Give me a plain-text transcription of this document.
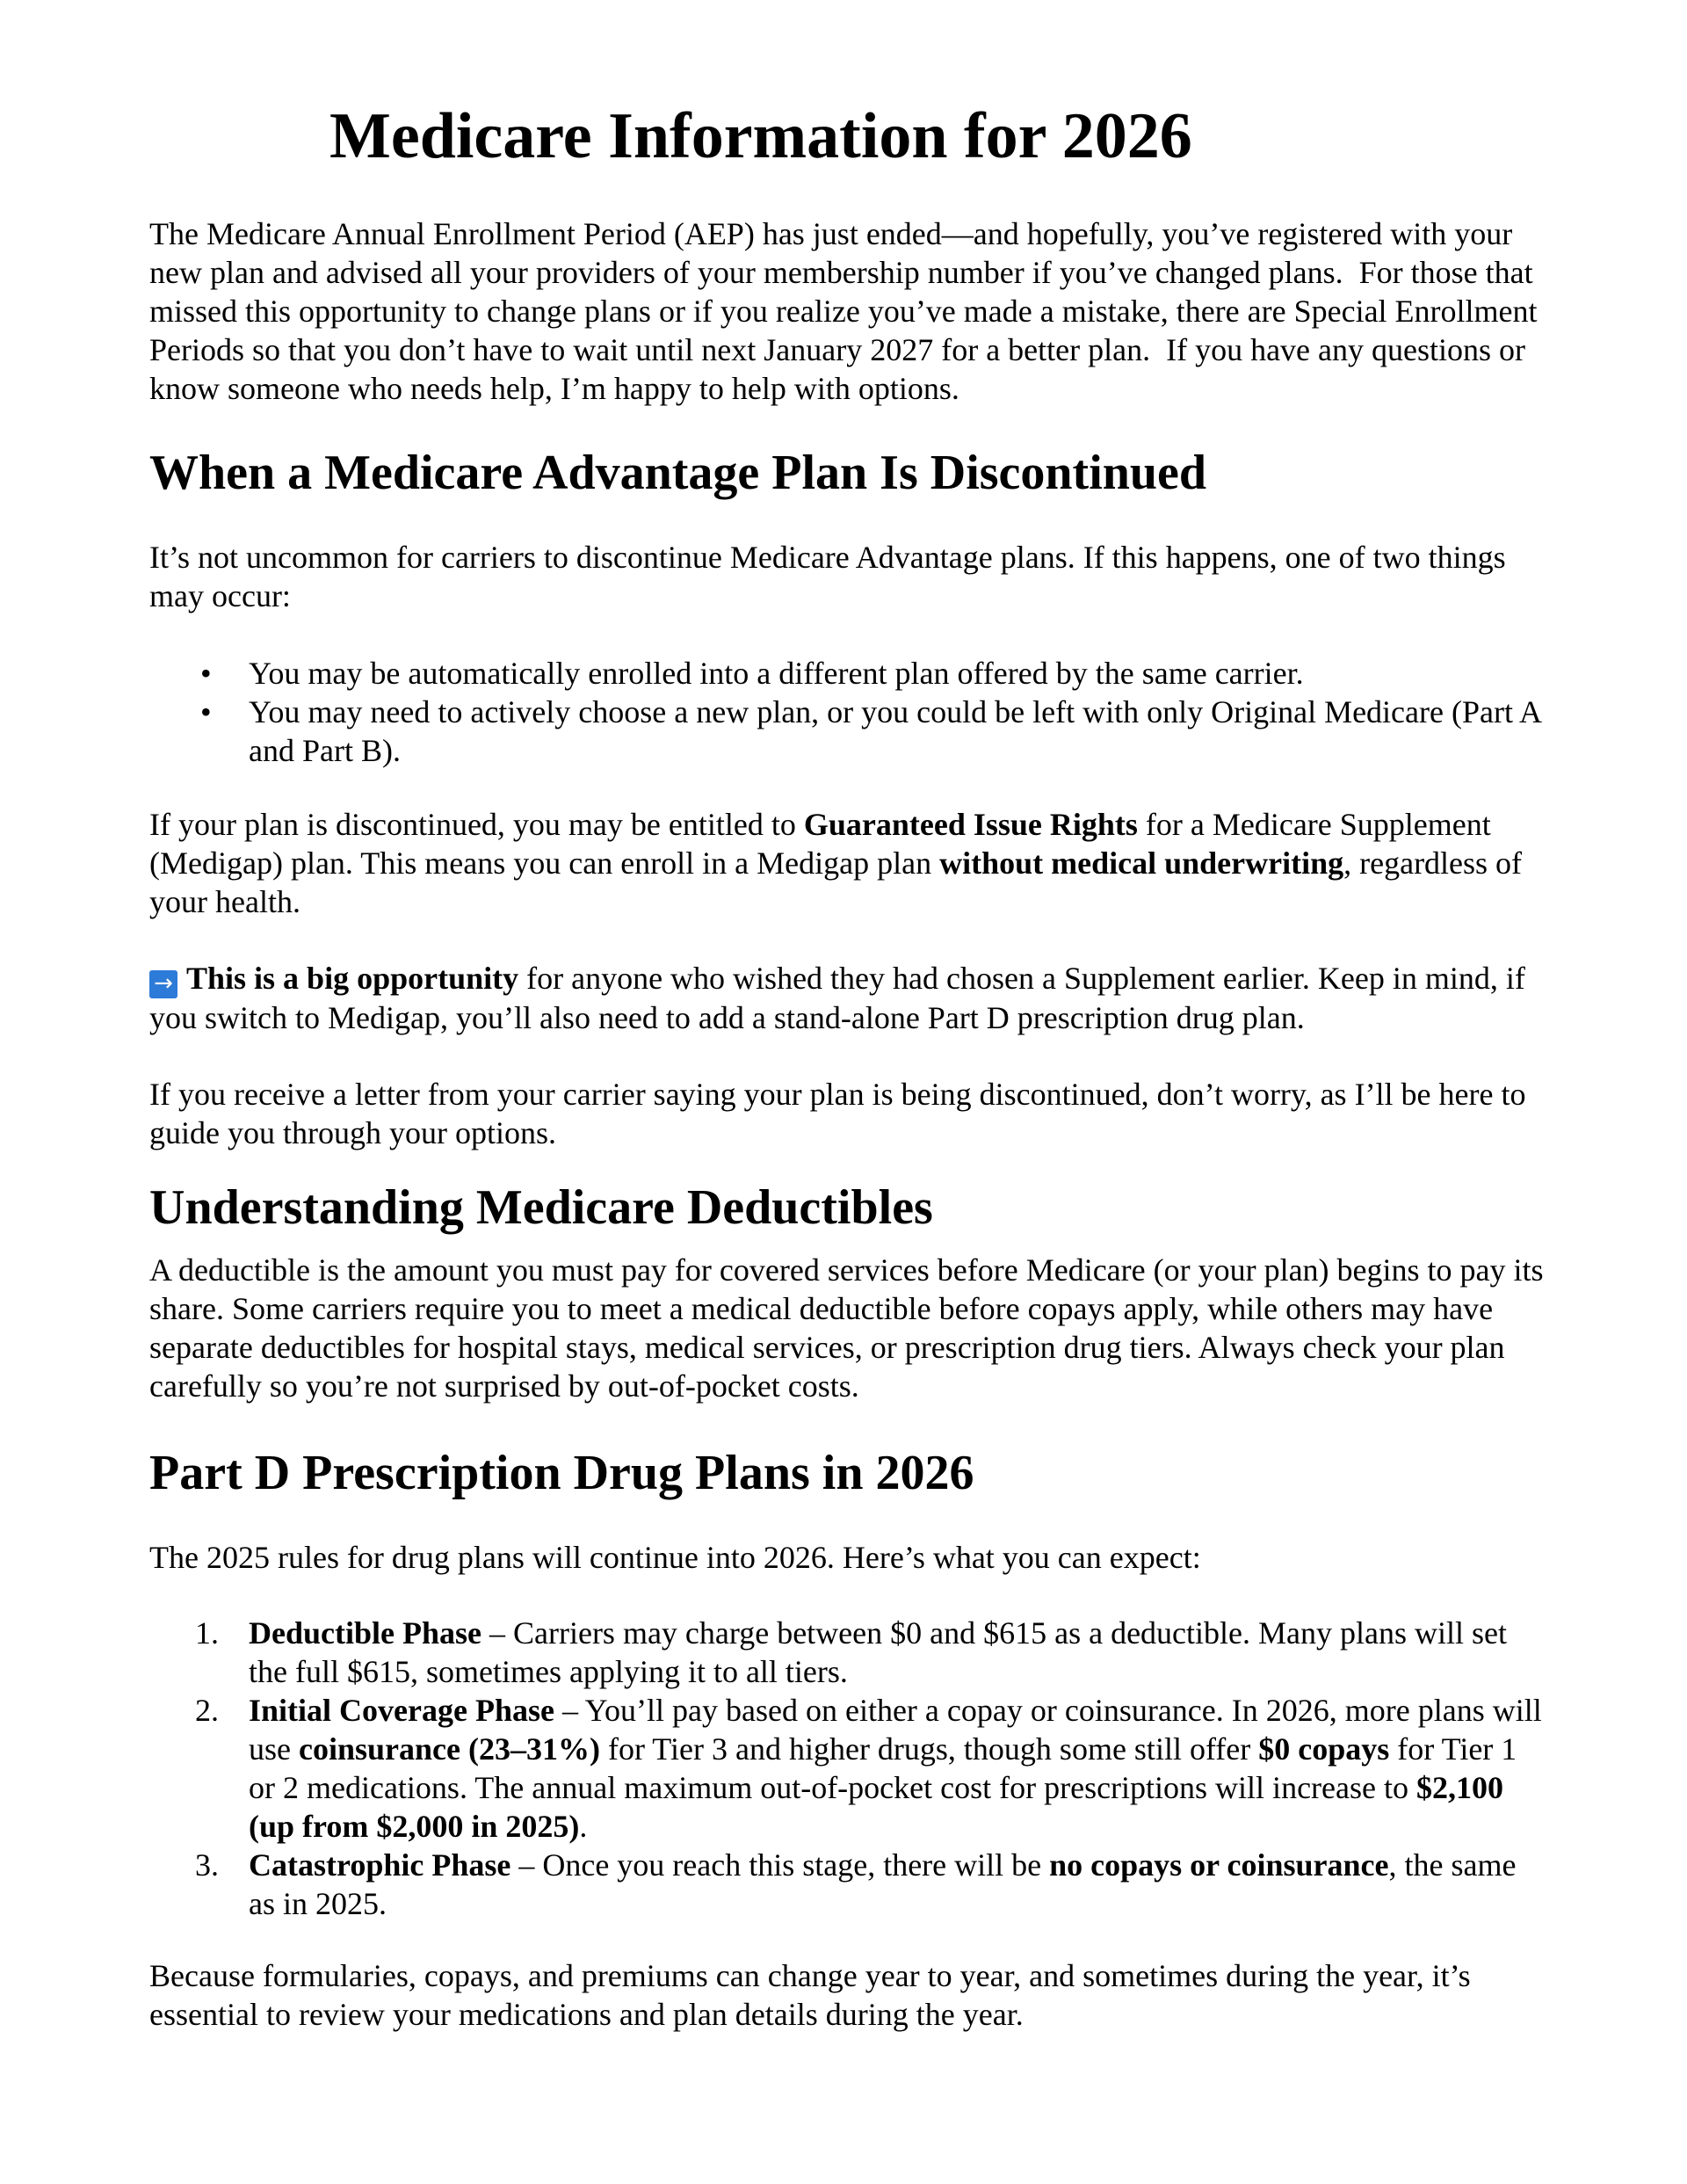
Medicare Information for 2026

The Medicare Annual Enrollment Period (AEP) has just ended—and hopefully, you’ve registered with your new plan and advised all your providers of your membership number if you’ve changed plans.  For those that missed this opportunity to change plans or if you realize you’ve made a mistake, there are Special Enrollment Periods so that you don’t have to wait until next January 2027 for a better plan.  If you have any questions or know someone who needs help, I’m happy to help with options.

When a Medicare Advantage Plan Is Discontinued

It’s not uncommon for carriers to discontinue Medicare Advantage plans. If this happens, one of two things may occur:

• You may be automatically enrolled into a different plan offered by the same carrier.
• You may need to actively choose a new plan, or you could be left with only Original Medicare (Part A and Part B).

If your plan is discontinued, you may be entitled to Guaranteed Issue Rights for a Medicare Supplement (Medigap) plan. This means you can enroll in a Medigap plan without medical underwriting, regardless of your health.

→ This is a big opportunity for anyone who wished they had chosen a Supplement earlier. Keep in mind, if you switch to Medigap, you’ll also need to add a stand-alone Part D prescription drug plan.

If you receive a letter from your carrier saying your plan is being discontinued, don’t worry, as I’ll be here to guide you through your options.

Understanding Medicare Deductibles

A deductible is the amount you must pay for covered services before Medicare (or your plan) begins to pay its share. Some carriers require you to meet a medical deductible before copays apply, while others may have separate deductibles for hospital stays, medical services, or prescription drug tiers. Always check your plan carefully so you’re not surprised by out-of-pocket costs.

Part D Prescription Drug Plans in 2026

The 2025 rules for drug plans will continue into 2026. Here’s what you can expect:

1. Deductible Phase – Carriers may charge between $0 and $615 as a deductible. Many plans will set the full $615, sometimes applying it to all tiers.
2. Initial Coverage Phase – You’ll pay based on either a copay or coinsurance. In 2026, more plans will use coinsurance (23–31%) for Tier 3 and higher drugs, though some still offer $0 copays for Tier 1 or 2 medications. The annual maximum out-of-pocket cost for prescriptions will increase to $2,100 (up from $2,000 in 2025).
3. Catastrophic Phase – Once you reach this stage, there will be no copays or coinsurance, the same as in 2025.

Because formularies, copays, and premiums can change year to year, and sometimes during the year, it’s essential to review your medications and plan details during the year.
